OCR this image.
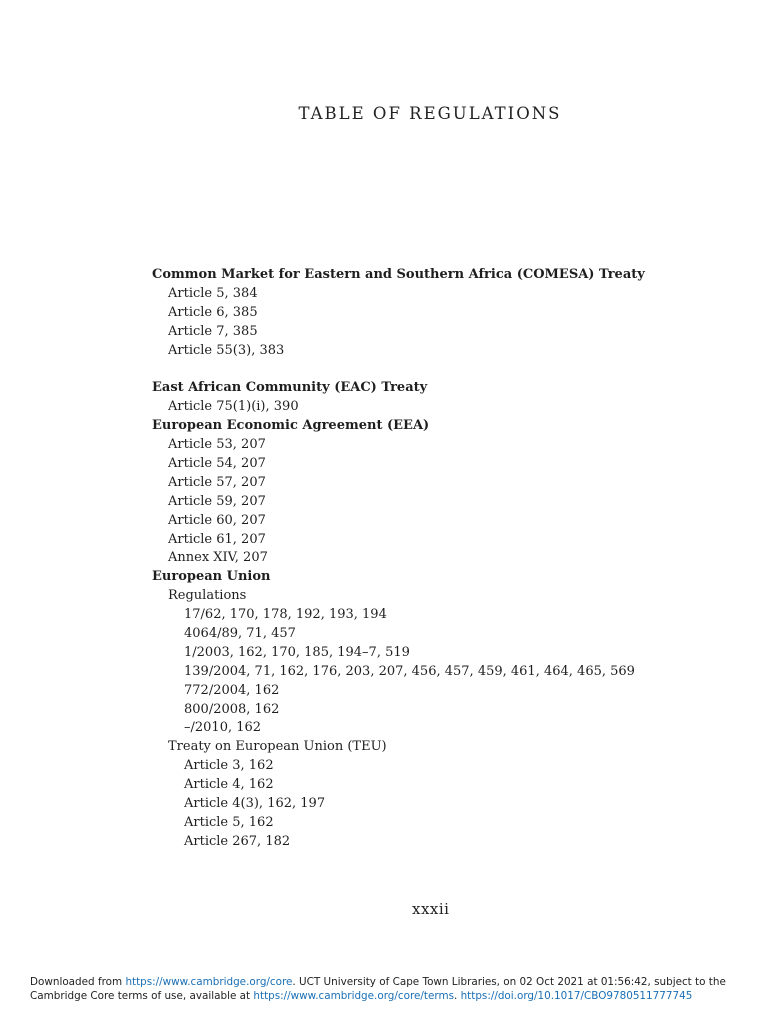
TABLE OF REGULATIONS
Common Market for Eastern and Southern Africa (COMESA) Treaty
Article 5, 384
Article 6, 385
Article 7, 385
Article 55(3), 383
East African Community (EAC) Treaty
Article 75(1)(i), 390
European Economic Agreement (EEA)
Article 53, 207
Article 54, 207
Article 57, 207
Article 59, 207
Article 60, 207
Article 61, 207
Annex XIV, 207
European Union
Regulations
17/62, 170, 178, 192, 193, 194
4064/89, 71, 457
1/2003, 162, 170, 185, 194–7, 519
139/2004, 71, 162, 176, 203, 207, 456, 457, 459, 461, 464, 465, 569
772/2004, 162
800/2008, 162
–/2010, 162
Treaty on European Union (TEU)
Article 3, 162
Article 4, 162
Article 4(3), 162, 197
Article 5, 162
Article 267, 182
xxxii
Downloaded from https://www.cambridge.org/core. UCT University of Cape Town Libraries, on 02 Oct 2021 at 01:56:42, subject to the
Cambridge Core terms of use, available at https://www.cambridge.org/core/terms. https://doi.org/10.1017/CBO9780511777745
